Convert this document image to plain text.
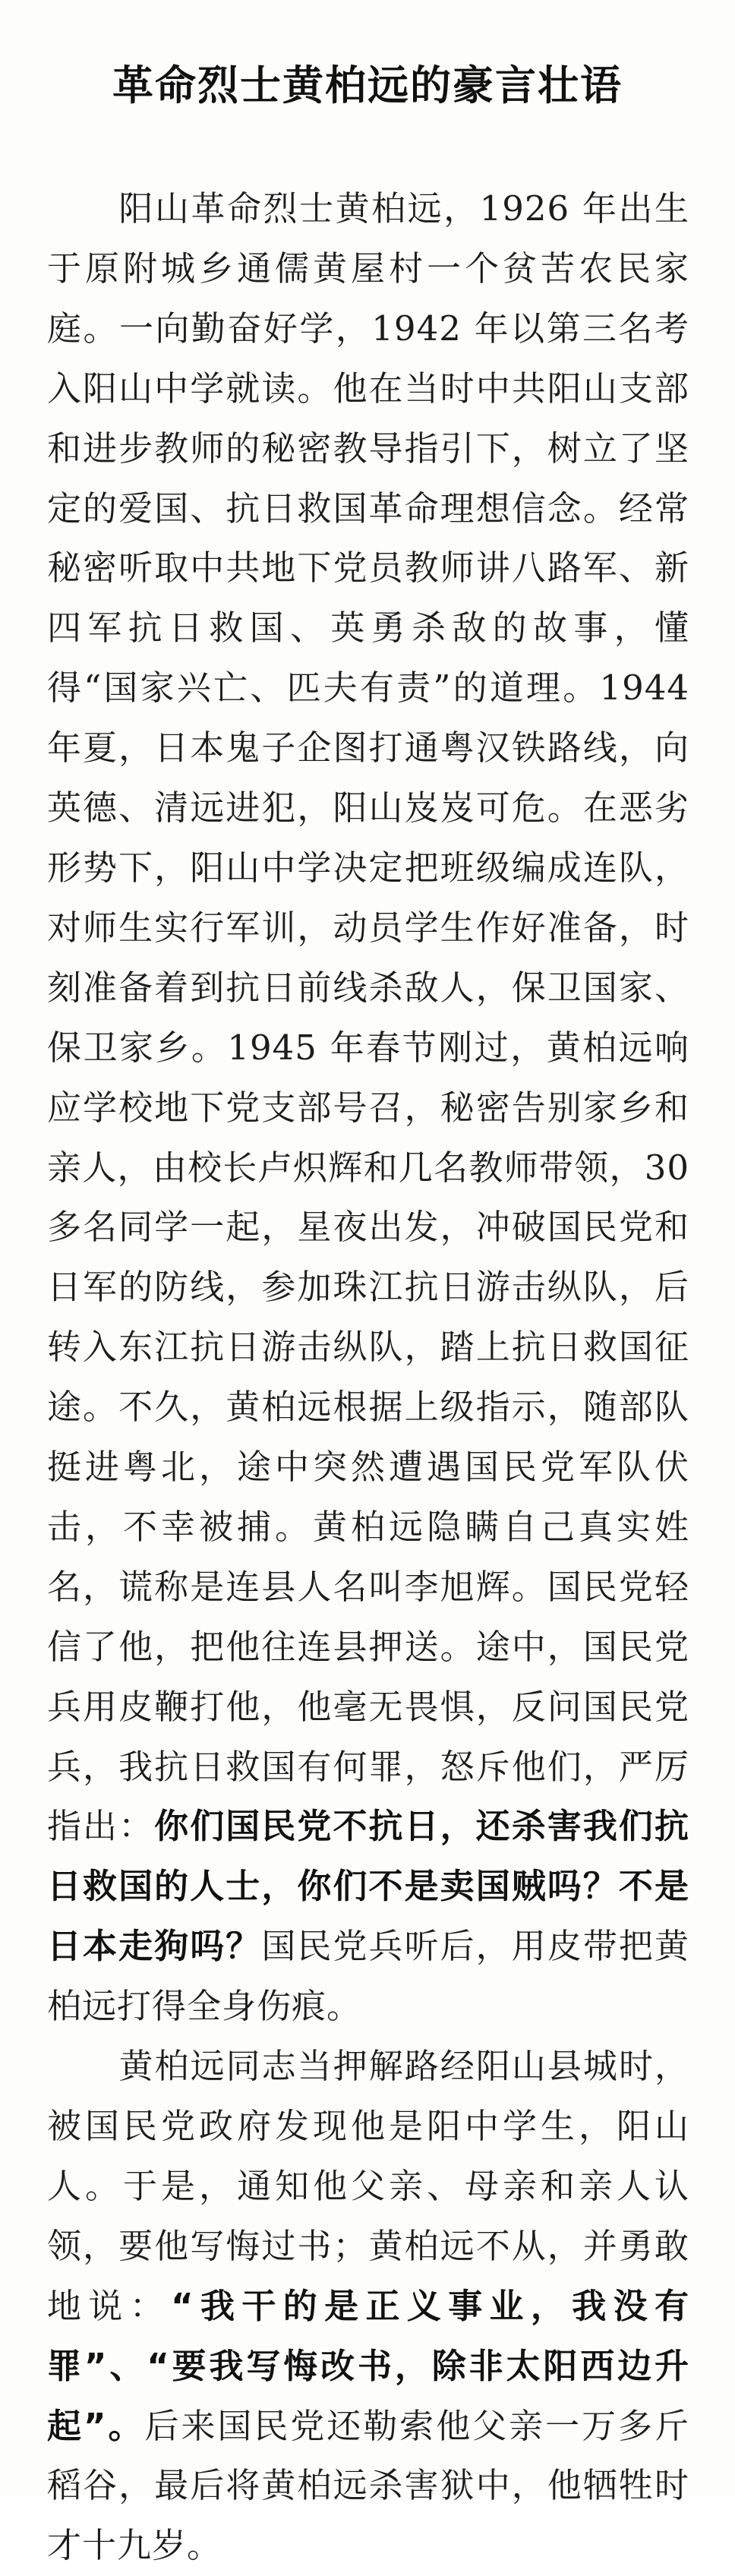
革命烈士黄柏远的豪言壮语

阳山革命烈士黄柏远，1926 年出生于原附城乡通儒黄屋村一个贫苦农民家庭。一向勤奋好学，1942 年以第三名考入阳山中学就读。他在当时中共阳山支部和进步教师的秘密教导指引下，树立了坚定的爱国、抗日救国革命理想信念。经常秘密听取中共地下党员教师讲八路军、新四军抗日救国、英勇杀敌的故事，懂得“国家兴亡、匹夫有责”的道理。1944 年夏，日本鬼子企图打通粤汉铁路线，向英德、清远进犯，阳山岌岌可危。在恶劣形势下，阳山中学决定把班级编成连队，对师生实行军训，动员学生作好准备，时刻准备着到抗日前线杀敌人，保卫国家、保卫家乡。1945 年春节刚过，黄柏远响应学校地下党支部号召，秘密告别家乡和亲人，由校长卢炽辉和几名教师带领，30 多名同学一起，星夜出发，冲破国民党和日军的防线，参加珠江抗日游击纵队，后转入东江抗日游击纵队，踏上抗日救国征途。不久，黄柏远根据上级指示，随部队挺进粤北，途中突然遭遇国民党军队伏击，不幸被捕。黄柏远隐瞒自己真实姓名，谎称是连县人名叫李旭辉。国民党轻信了他，把他往连县押送。途中，国民党兵用皮鞭打他，他毫无畏惧，反问国民党兵，我抗日救国有何罪，怒斥他们，严厉指出：你们国民党不抗日，还杀害我们抗日救国的人士，你们不是卖国贼吗？不是日本走狗吗？国民党兵听后，用皮带把黄柏远打得全身伤痕。

黄柏远同志当押解路经阳山县城时，被国民党政府发现他是阳中学生，阳山人。于是，通知他父亲、母亲和亲人认领，要他写悔过书；黄柏远不从，并勇敢地说：“我干的是正义事业，我没有罪”、“要我写悔改书，除非太阳西边升起”。后来国民党还勒索他父亲一万多斤稻谷，最后将黄柏远杀害狱中，他牺牲时才十九岁。
